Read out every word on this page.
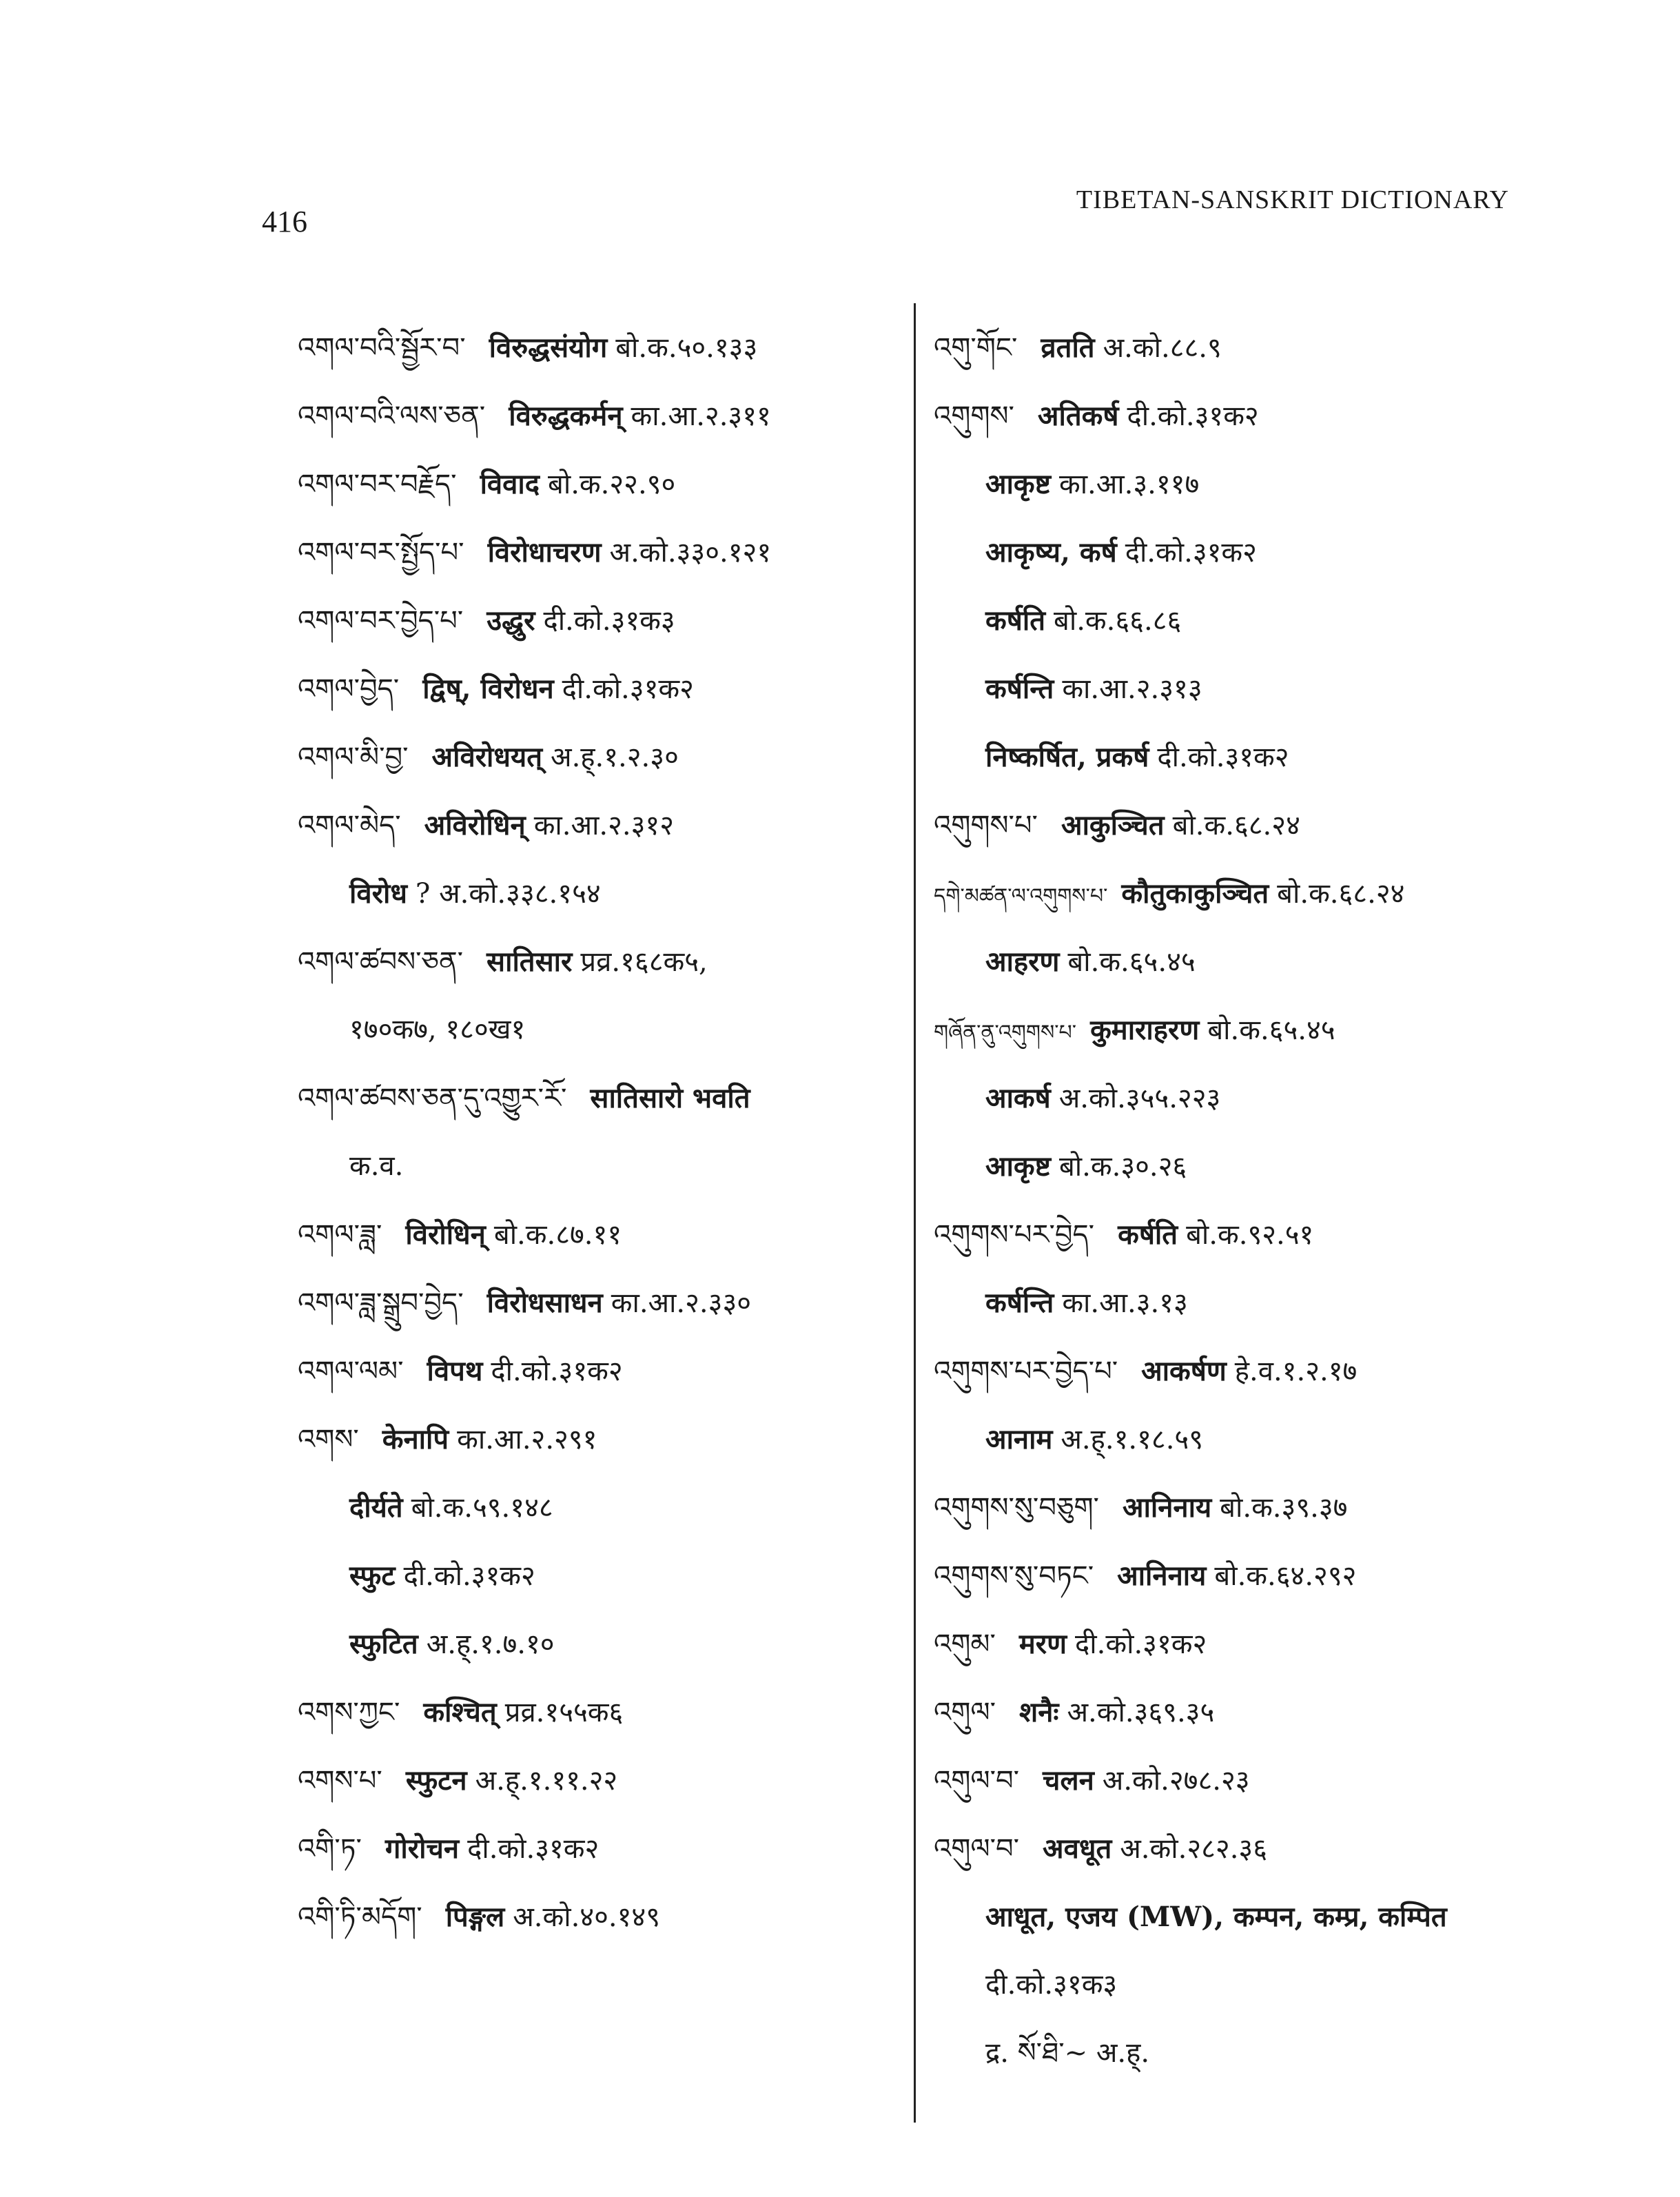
416
TIBETAN-SANSKRIT DICTIONARY
འགལ་བའི་སྦྱོར་བ་ विरुद्धसंयोग बो.क.५०.१३३
འགལ་བའི་ལས་ཅན་ विरुद्धकर्मन् का.आ.२.३११
འགལ་བར་བརྗོད་ विवाद बो.क.२२.९०
འགལ་བར་སྤྱོད་པ་ विरोधाचरण अ.को.३३०.१२१
འགལ་བར་བྱེད་པ་ उद्धुर दी.को.३१क३
འགལ་བྱེད་ द्विष्, विरोधन दी.को.३१क२
འགལ་མི་བྱ་ अविरोधयत् अ.ह्.१.२.३०
འགལ་མེད་ अविरोधिन् का.आ.२.३१२
विरोध ? अ.को.३३८.१५४
འགལ་ཚབས་ཅན་ सातिसार प्रव्र.१६८क५,
१७०क७, १८०ख१
འགལ་ཚབས་ཅན་དུ་འགྱུར་རོ་ सातिसारो भवति
क.व.
འགལ་ཟླ་ विरोधिन् बो.क.८७.११
འགལ་ཟླ་སྒྲུབ་བྱེད་ विरोधसाधन का.आ.२.३३०
འགལ་ལམ་ विपथ दी.को.३१क२
འགས་ केनापि का.आ.२.२९१
दीर्यते बो.क.५९.१४८
स्फुट दी.को.३१क२
स्फुटित अ.ह्.१.७.१०
འགས་ཀྱང་ कश्चित् प्रव्र.१५५क६
འགས་པ་ स्फुटन अ.ह्.१.११.२२
འགི་ཏ་ गोरोचन दी.को.३१क२
འགི་ཏི་མདོག་ पिङ्गल अ.को.४०.१४९
འགུ་གོང་ व्रतति अ.को.८८.९
འགུགས་ अतिकर्ष दी.को.३१क२
आकृष्ट का.आ.३.११७
आकृष्य, कर्ष दी.को.३१क२
कर्षति बो.क.६६.८६
कर्षन्ति का.आ.२.३१३
निष्कर्षित, प्रकर्ष दी.को.३१क२
འགུགས་པ་ आकुञ्चित बो.क.६८.२४
དགེ་མཚན་ལ་འགུགས་པ་ कौतुकाकुञ्चित बो.क.६८.२४
आहरण बो.क.६५.४५
གཞོན་ནུ་འགུགས་པ་ कुमाराहरण बो.क.६५.४५
आकर्ष अ.को.३५५.२२३
आकृष्ट बो.क.३०.२६
འགུགས་པར་བྱེད་ कर्षति बो.क.९२.५१
कर्षन्ति का.आ.३.१३
འགུགས་པར་བྱེད་པ་ आकर्षण हे.व.१.२.१७
आनाम अ.ह्.१.१८.५९
འགུགས་སུ་བཅུག་ आनिनाय बो.क.३९.३७
འགུགས་སུ་བཏང་ आनिनाय बो.क.६४.२९२
འགུམ་ मरण दी.को.३१क२
འགུལ་ शनैः अ.को.३६९.३५
འགུལ་བ་ चलन अ.को.२७८.२३
འགུལ་བ་ अवधूत अ.को.२८२.३६
आधूत, एजय (MW), कम्पन, कम्प्र, कम्पित
दी.को.३१क३
द्र. སོ་ཐི་~ अ.ह्.
